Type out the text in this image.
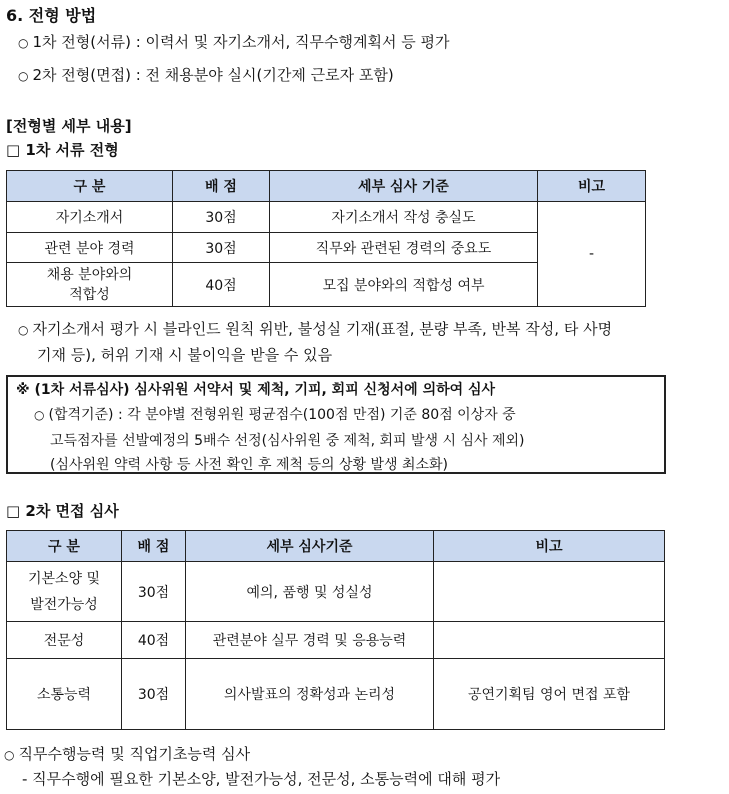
6. 전형 방법
○ 1차 전형(서류) : 이력서 및 자기소개서, 직무수행계획서 등 평가
○ 2차 전형(면접) : 전 채용분야 실시(기간제 근로자 포함)
[전형별 세부 내용]
□ 1차 서류 전형
구 분	배 점	세부 심사 기준	비고
자기소개서	30점	자기소개서 작성 충실도	-
관련 분야 경력	30점	직무와 관련된 경력의 중요도	

채용 분야와의
적합성	40점	모집 분야와의 적합성 여부	
○ 자기소개서 평가 시 블라인드 원칙 위반, 불성실 기재(표절, 분량 부족, 반복 작성, 타 사명
기재 등), 허위 기재 시 불이익을 받을 수 있음
※ (1차 서류심사) 심사위원 서약서 및 제척, 기피, 회피 신청서에 의하여 심사
○ (합격기준) : 각 분야별 전형위원 평균점수(100점 만점) 기준 80점 이상자 중
고득점자를 선발예정의 5배수 선정(심사위원 중 제척, 회피 발생 시 심사 제외)
(심사위원 약력 사항 등 사전 확인 후 제척 등의 상황 발생 최소화)
□ 2차 면접 심사
구 분	배 점	세부 심사기준	비고

기본소양 및
발전가능성	30점	예의, 품행 및 성실성	
전문성	40점	관련분야 실무 경력 및 응용능력	
소통능력	30점	의사발표의 정확성과 논리성	공연기획팀 영어 면접 포함
○ 직무수행능력 및 직업기초능력 심사
- 직무수행에 필요한 기본소양, 발전가능성, 전문성, 소통능력에 대해 평가
